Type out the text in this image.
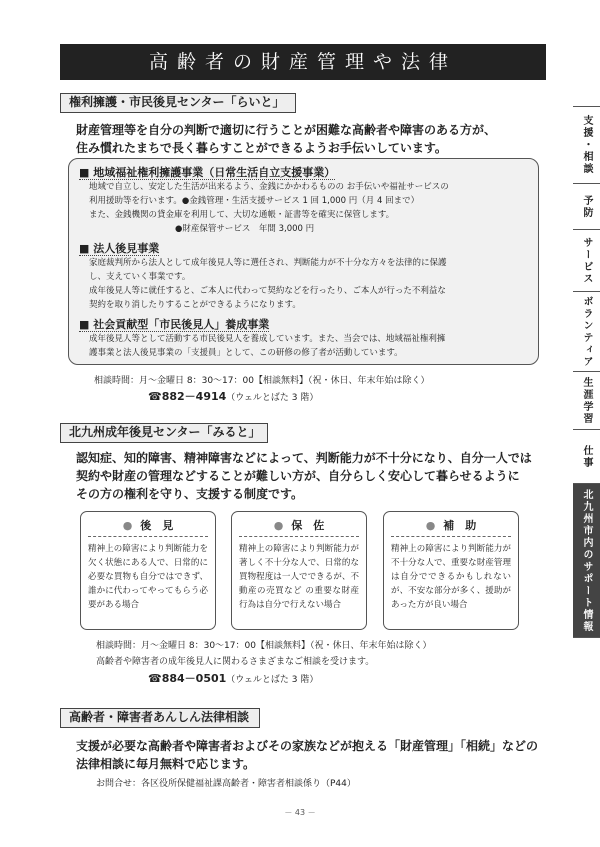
高齢者の財産管理や法律
権利擁護・市民後見センター「らいと」
財産管理等を自分の判断で適切に行うことが困難な高齢者や障害のある方が、
住み慣れたまちで長く暮らすことができるようお手伝いしています。
■ 地域福祉権利擁護事業（日常生活自立支援事業）
地域で自立し、安定した生活が出来るよう、金銭にかかわるものの お手伝いや福祉サービスの
利用援助等を行います。●金銭管理・生活支援サービス 1 回 1,000 円（月 4 回まで）
また、金銭機関の貸金庫を利用して、大切な通帳・証書等を確実に保管します。
●財産保管サービス　年間 3,000 円
■ 法人後見事業
家庭裁判所から法人として成年後見人等に選任され、判断能力が不十分な方々を法律的に保護
し、支えていく事業です。
成年後見人等に就任すると、ご本人に代わって契約などを行ったり、ご本人が行った不利益な
契約を取り消したりすることができるようになります。
■ 社会貢献型「市民後見人」養成事業
成年後見人等として活動する市民後見人を養成しています。また、当会では、地域福祉権利擁
護事業と法人後見事業の「支援員」として、この研修の修了者が活動しています。
相談時間：月～金曜日 8：30～17：00【相談無料】（祝・休日、年末年始は除く）
☎882－4914（ウェルとばた 3 階）
北九州成年後見センター「みると」
認知症、知的障害、精神障害などによって、判断能力が不十分になり、自分一人では
契約や財産の管理などすることが難しい方が、自分らしく安心して暮らせるように
その方の権利を守り、支援する制度です。
● 後　見
精神上の障害により判断能力を欠く状態にある人で、日常的に必要な買物も自分ではできず、誰かに代わってやってもらう必要がある場合
● 保　佐
精神上の障害により判断能力が著しく不十分な人で、日常的な買物程度は一人でできるが、不動産の売買など の重要な財産行為は自分で行えない場合
● 補　助
精神上の障害により判断能力が不十分な人で、重要な財産管理は自分でできるかもしれないが、不安な部分が多く、援助があった方が良い場合
相談時間：月～金曜日 8：30～17：00【相談無料】（祝・休日、年末年始は除く）
高齢者や障害者の成年後見人に関わるさまざまなご相談を受けます。
☎884－0501（ウェルとばた 3 階）
高齢者・障害者あんしん法律相談
支援が必要な高齢者や障害者およびその家族などが抱える「財産管理」「相続」などの
法律相談に毎月無料で応じます。
お問合せ：各区役所保健福祉課高齢者・障害者相談係り（P44）
支援・相談
予防
サービス
ボランティア
生涯学習
仕事
北九州市内のサポート情報
－ 43 －
